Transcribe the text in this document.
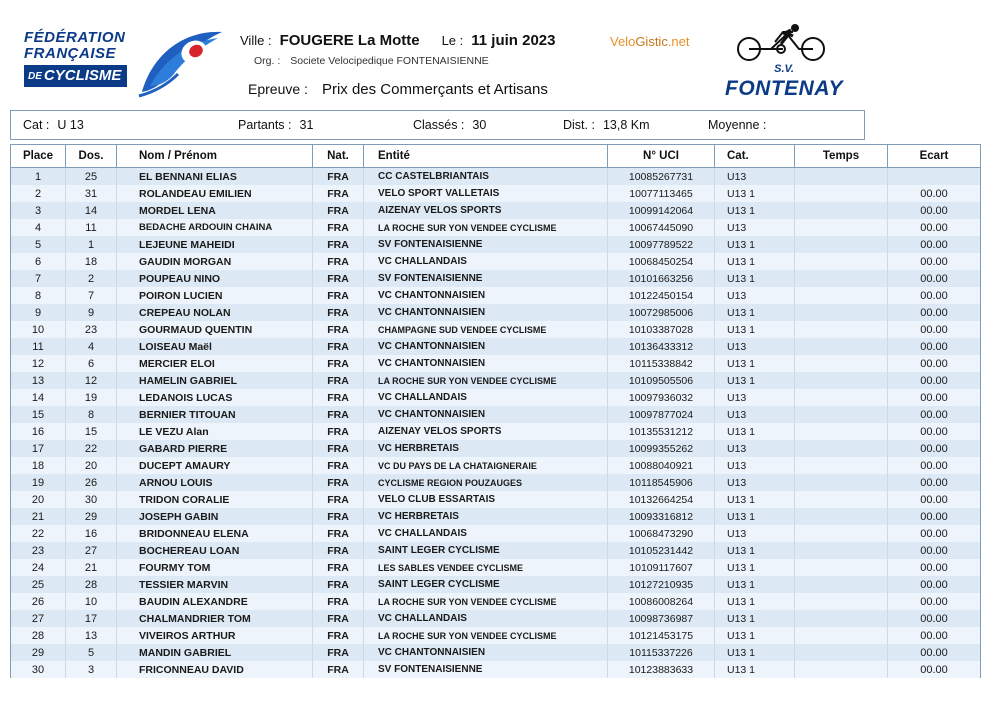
FÉDÉRATION
FRANÇAISE
DE CYCLISME
Ville : FOUGERE La Motte Le : 11 juin 2023
Org. : Societe Velocipedique FONTENAISIENNE
Epreuve : Prix des Commerçants et Artisans
VeloGistic.net
S.V.
FONTENAY
Cat : U 13	Partants : 31	Classés : 30	Dist. : 13,8 Km	Moyenne :
Place	Dos.	Nom / Prénom	Nat.	Entité	N° UCI	Cat.	Temps	Ecart
1	25	EL BENNANI ELIAS	FRA	CC CASTELBRIANTAIS	10085267731	U13		
2	31	ROLANDEAU EMILIEN	FRA	VELO SPORT VALLETAIS	10077113465	U13 1		00.00
3	14	MORDEL LENA	FRA	AIZENAY VELOS SPORTS	10099142064	U13 1		00.00
4	11	BEDACHE ARDOUIN CHAINA	FRA	LA ROCHE SUR YON VENDEE CYCLISME	10067445090	U13		00.00
5	1	LEJEUNE MAHEIDI	FRA	SV FONTENAISIENNE	10097789522	U13 1		00.00
6	18	GAUDIN MORGAN	FRA	VC CHALLANDAIS	10068450254	U13 1		00.00
7	2	POUPEAU NINO	FRA	SV FONTENAISIENNE	10101663256	U13 1		00.00
8	7	POIRON LUCIEN	FRA	VC CHANTONNAISIEN	10122450154	U13		00.00
9	9	CREPEAU NOLAN	FRA	VC CHANTONNAISIEN	10072985006	U13 1		00.00
10	23	GOURMAUD QUENTIN	FRA	CHAMPAGNE SUD VENDEE CYCLISME	10103387028	U13 1		00.00
11	4	LOISEAU Maël	FRA	VC CHANTONNAISIEN	10136433312	U13		00.00
12	6	MERCIER ELOI	FRA	VC CHANTONNAISIEN	10115338842	U13 1		00.00
13	12	HAMELIN GABRIEL	FRA	LA ROCHE SUR YON VENDEE CYCLISME	10109505506	U13 1		00.00
14	19	LEDANOIS LUCAS	FRA	VC CHALLANDAIS	10097936032	U13		00.00
15	8	BERNIER TITOUAN	FRA	VC CHANTONNAISIEN	10097877024	U13		00.00
16	15	LE VEZU Alan	FRA	AIZENAY VELOS SPORTS	10135531212	U13 1		00.00
17	22	GABARD PIERRE	FRA	VC HERBRETAIS	10099355262	U13		00.00
18	20	DUCEPT AMAURY	FRA	VC DU PAYS DE LA CHATAIGNERAIE	10088040921	U13		00.00
19	26	ARNOU LOUIS	FRA	CYCLISME REGION POUZAUGES	10118545906	U13		00.00
20	30	TRIDON CORALIE	FRA	VELO CLUB ESSARTAIS	10132664254	U13 1		00.00
21	29	JOSEPH GABIN	FRA	VC HERBRETAIS	10093316812	U13 1		00.00
22	16	BRIDONNEAU ELENA	FRA	VC CHALLANDAIS	10068473290	U13		00.00
23	27	BOCHEREAU LOAN	FRA	SAINT LEGER CYCLISME	10105231442	U13 1		00.00
24	21	FOURMY TOM	FRA	LES SABLES VENDEE CYCLISME	10109117607	U13 1		00.00
25	28	TESSIER MARVIN	FRA	SAINT LEGER CYCLISME	10127210935	U13 1		00.00
26	10	BAUDIN ALEXANDRE	FRA	LA ROCHE SUR YON VENDEE CYCLISME	10086008264	U13 1		00.00
27	17	CHALMANDRIER TOM	FRA	VC CHALLANDAIS	10098736987	U13 1		00.00
28	13	VIVEIROS ARTHUR	FRA	LA ROCHE SUR YON VENDEE CYCLISME	10121453175	U13 1		00.00
29	5	MANDIN GABRIEL	FRA	VC CHANTONNAISIEN	10115337226	U13 1		00.00
30	3	FRICONNEAU DAVID	FRA	SV FONTENAISIENNE	10123883633	U13 1		00.00
